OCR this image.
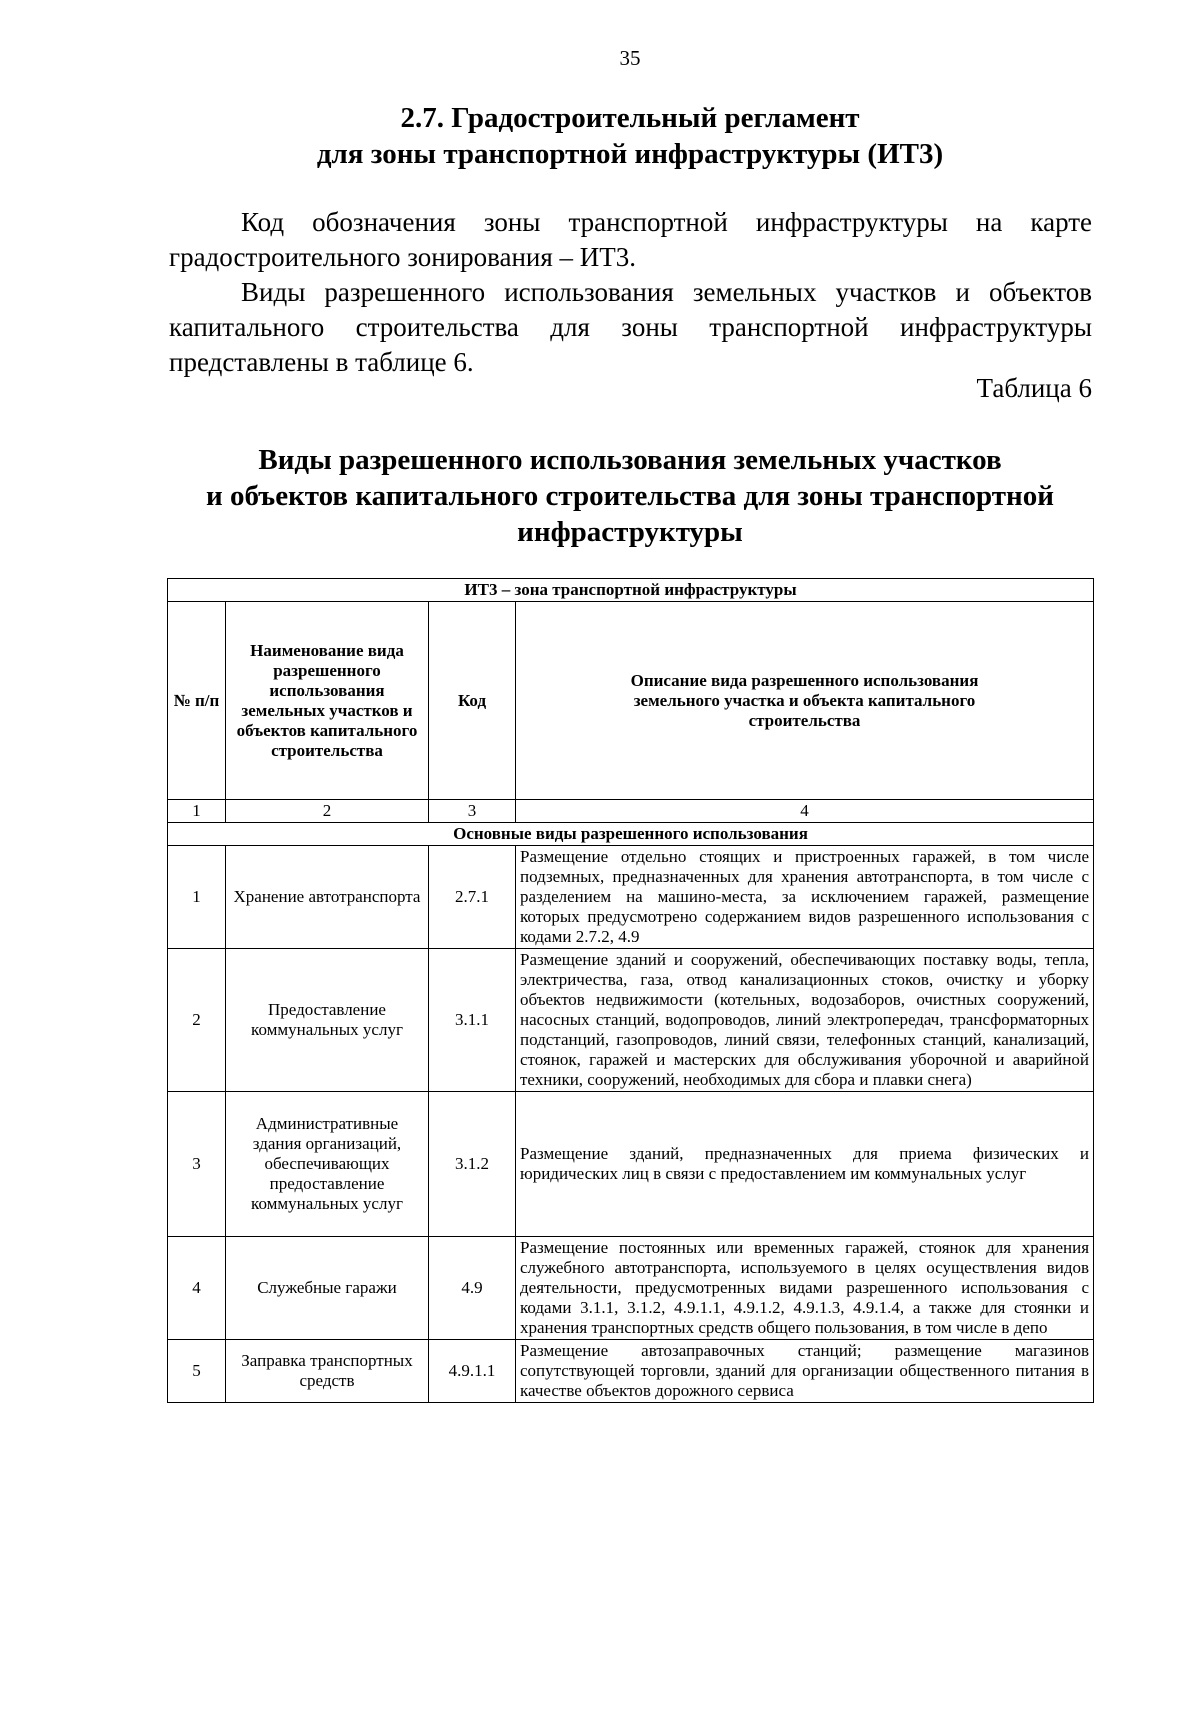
35
2.7. Градостроительный регламент
для зоны транспортной инфраструктуры (ИТ3)

Код обозначения зоны транспортной инфраструктуры на карте градостроительного зонирования – ИТ3.

Виды разрешенного использования земельных участков и объектов капитального строительства для зоны транспортной инфраструктуры представлены в таблице 6.

Таблица 6
Виды разрешенного использования земельных участков
и объектов капитального строительства для зоны транспортной
инфраструктуры
ИТ3 – зона транспортной инфраструктуры			
№ п/п	Наименование вида разрешенного использования земельных участков и объектов капитального строительства	Код	Описание вида разрешенного использования земельного участка и объекта капитального строительства
1	2	3	4
Основные виды разрешенного использования			
1	Хранение автотранспорта	2.7.1	Размещение отдельно стоящих и пристроенных гаражей, в том числе подземных, предназначенных для хранения автотранспорта, в том числе с разделением на машино-места, за исключением гаражей, размещение которых предусмотрено содержанием видов разрешенного использования с кодами 2.7.2, 4.9
2	Предоставление коммунальных услуг	3.1.1	Размещение зданий и сооружений, обеспечивающих поставку воды, тепла, электричества, газа, отвод канализационных стоков, очистку и уборку объектов недвижимости (котельных, водозаборов, очистных сооружений, насосных станций, водопроводов, линий электропередач, трансформаторных подстанций, газопроводов, линий связи, телефонных станций, канализаций, стоянок, гаражей и мастерских для обслуживания уборочной и аварийной техники, сооружений, необходимых для сбора и плавки снега)
3	Административные здания организаций, обеспечивающих предоставление коммунальных услуг	3.1.2	Размещение зданий, предназначенных для приема физических и юридических лиц в связи с предоставлением им коммунальных услуг
4	Служебные гаражи	4.9	Размещение постоянных или временных гаражей, стоянок для хранения служебного автотранспорта, используемого в целях осуществления видов деятельности, предусмотренных видами разрешенного использования с кодами 3.1.1, 3.1.2, 4.9.1.1, 4.9.1.2, 4.9.1.3, 4.9.1.4, а также для стоянки и хранения транспортных средств общего пользования, в том числе в депо
5	Заправка транспортных средств	4.9.1.1	Размещение автозаправочных станций; размещение магазинов сопутствующей торговли, зданий для организации общественного питания в качестве объектов дорожного сервиса
